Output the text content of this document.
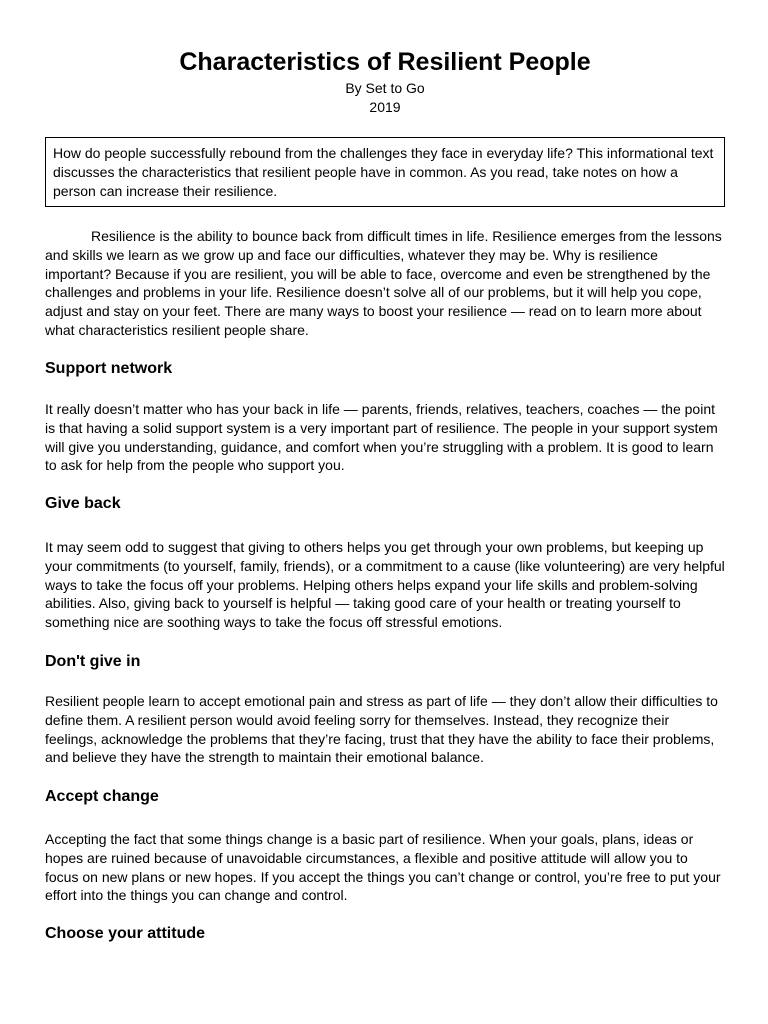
Characteristics of Resilient People
By Set to Go
2019
How do people successfully rebound from the challenges they face in everyday life? This informational text discusses the characteristics that resilient people have in common. As you read, take notes on how a person can increase their resilience.

Resilience is the ability to bounce back from difficult times in life. Resilience emerges from the lessons and skills we learn as we grow up and face our difficulties, whatever they may be. Why is resilience important? Because if you are resilient, you will be able to face, overcome and even be strengthened by the challenges and problems in your life. Resilience doesn’t solve all of our problems, but it will help you cope, adjust and stay on your feet. There are many ways to boost your resilience — read on to learn more about what characteristics resilient people share.

Support network

It really doesn’t matter who has your back in life — parents, friends, relatives, teachers, coaches — the point is that having a solid support system is a very important part of resilience. The people in your support system will give you understanding, guidance, and comfort when you’re struggling with a problem. It is good to learn to ask for help from the people who support you.

Give back

It may seem odd to suggest that giving to others helps you get through your own problems, but keeping up your commitments (to yourself, family, friends), or a commitment to a cause (like volunteering) are very helpful ways to take the focus off your problems. Helping others helps expand your life skills and problem-solving abilities. Also, giving back to yourself is helpful — taking good care of your health or treating yourself to something nice are soothing ways to take the focus off stressful emotions.

Don't give in

Resilient people learn to accept emotional pain and stress as part of life — they don’t allow their difficulties to define them. A resilient person would avoid feeling sorry for themselves. Instead, they recognize their feelings, acknowledge the problems that they’re facing, trust that they have the ability to face their problems, and believe they have the strength to maintain their emotional balance.

Accept change

Accepting the fact that some things change is a basic part of resilience. When your goals, plans, ideas or hopes are ruined because of unavoidable circumstances, a flexible and positive attitude will allow you to focus on new plans or new hopes. If you accept the things you can’t change or control, you’re free to put your effort into the things you can change and control.

Choose your attitude
